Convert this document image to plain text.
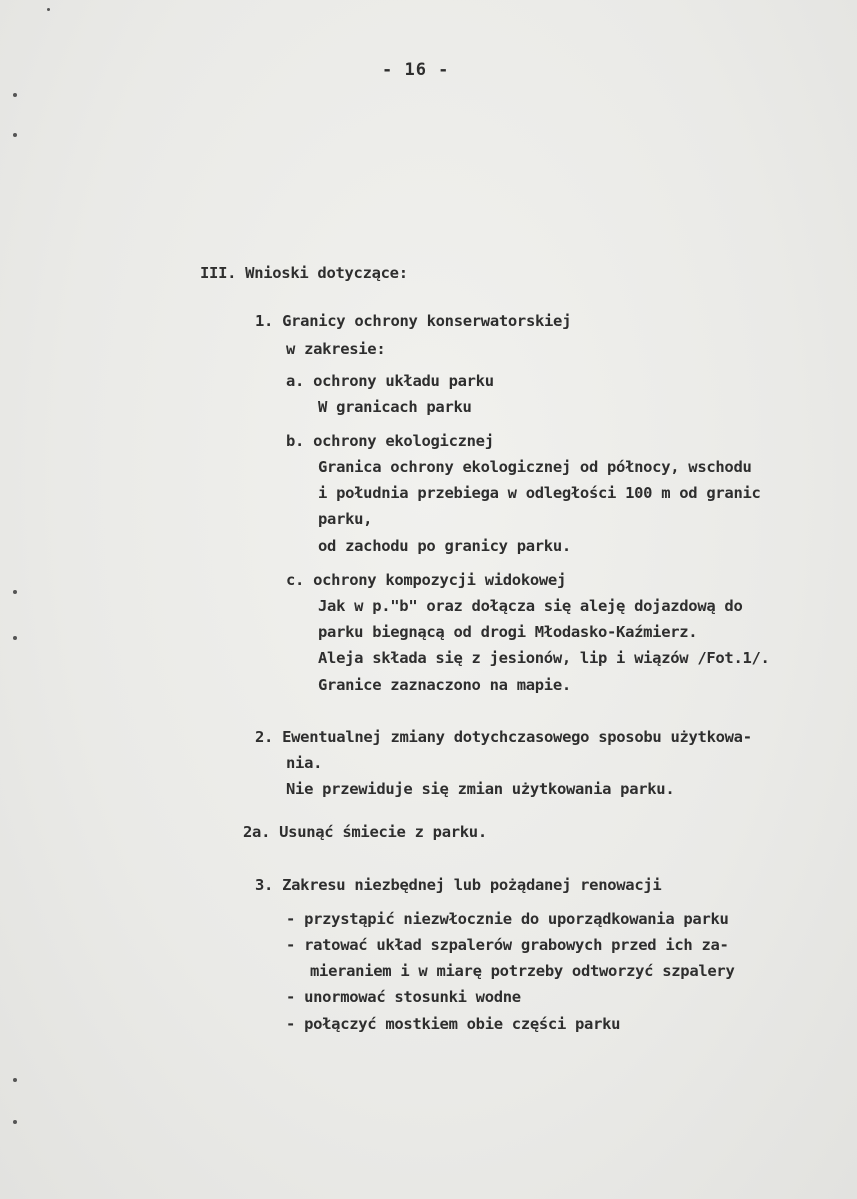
- 16 -
III. Wnioski dotyczące:
1. Granicy ochrony konserwatorskiej
w zakresie:
a. ochrony układu parku
W granicach parku
b. ochrony ekologicznej
Granica ochrony ekologicznej od północy, wschodu
i południa przebiega w odległości 100 m od granic
parku,
od zachodu po granicy parku.
c. ochrony kompozycji widokowej
Jak w p."b" oraz dołącza się aleję dojazdową do
parku biegnącą od drogi Młodasko-Kaźmierz.
Aleja składa się z jesionów, lip i wiązów /Fot.1/.
Granice zaznaczono na mapie.
2. Ewentualnej zmiany dotychczasowego sposobu użytkowa-
nia.
Nie przewiduje się zmian użytkowania parku.
2a. Usunąć śmiecie z parku.
3. Zakresu niezbędnej lub pożądanej renowacji
- przystąpić niezwłocznie do uporządkowania parku
- ratować układ szpalerów grabowych przed ich za-
mieraniem i w miarę potrzeby odtworzyć szpalery
- unormować stosunki wodne
- połączyć mostkiem obie części parku
